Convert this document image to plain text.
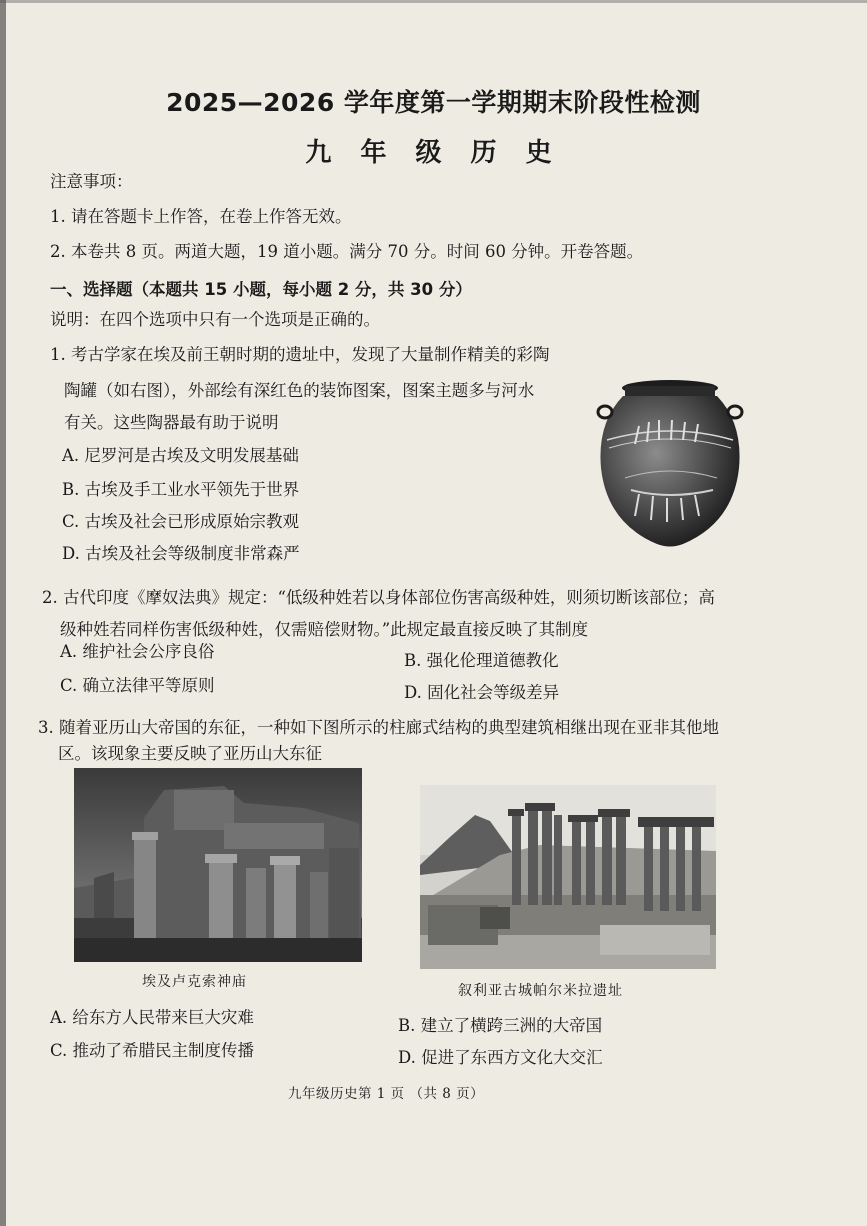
2025—2026 学年度第一学期期末阶段性检测
九 年 级 历 史
注意事项：
1. 请在答题卡上作答，在卷上作答无效。
2. 本卷共 8 页。两道大题，19 道小题。满分 70 分。时间 60 分钟。开卷答题。
一、选择题（本题共 15 小题，每小题 2 分，共 30 分）
说明：在四个选项中只有一个选项是正确的。
1. 考古学家在埃及前王朝时期的遗址中，发现了大量制作精美的彩陶
陶罐（如右图），外部绘有深红色的装饰图案，图案主题多与河水
有关。这些陶器最有助于说明
A. 尼罗河是古埃及文明发展基础
B. 古埃及手工业水平领先于世界
C. 古埃及社会已形成原始宗教观
D. 古埃及社会等级制度非常森严
2. 古代印度《摩奴法典》规定：“低级种姓若以身体部位伤害高级种姓，则须切断该部位；高
级种姓若同样伤害低级种姓，仅需赔偿财物。”此规定最直接反映了其制度
A. 维护社会公序良俗	B. 强化伦理道德教化
C. 确立法律平等原则	D. 固化社会等级差异
3. 随着亚历山大帝国的东征，一种如下图所示的柱廊式结构的典型建筑相继出现在亚非其他地
区。该现象主要反映了亚历山大东征
埃及卢克索神庙
叙利亚古城帕尔米拉遗址
A. 给东方人民带来巨大灾难	B. 建立了横跨三洲的大帝国
C. 推动了希腊民主制度传播	D. 促进了东西方文化大交汇
九年级历史第 1 页 （共 8 页）
